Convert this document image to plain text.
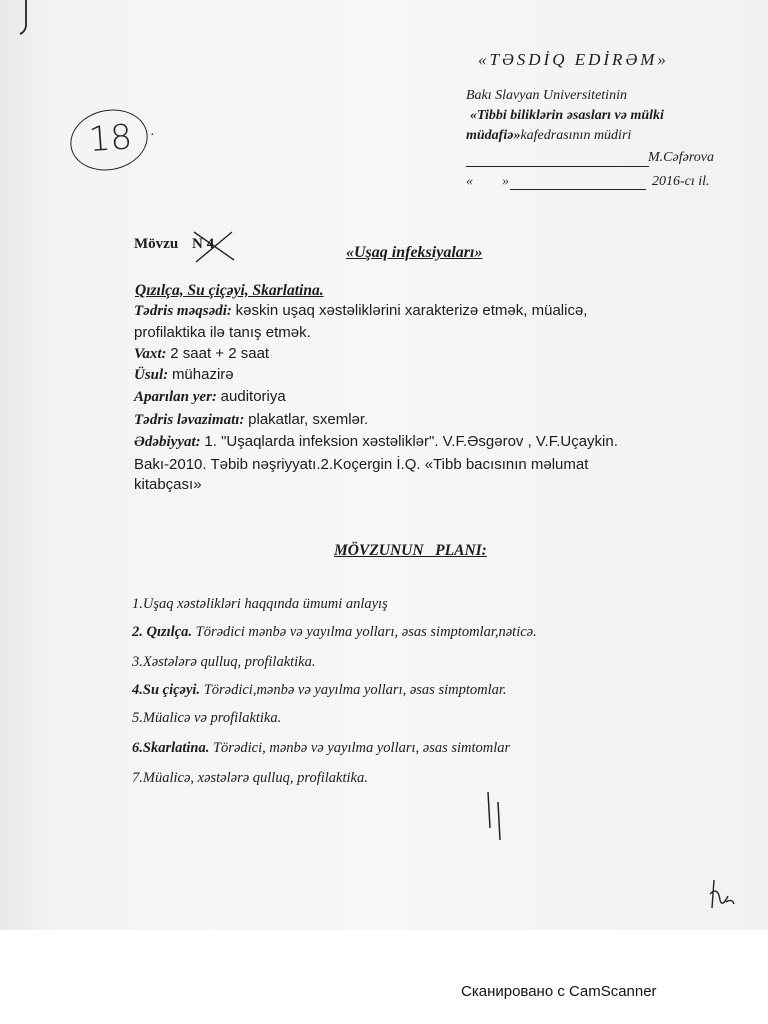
«TƏSDİQ EDİRƏM»
Bakı Slavyan Universitetinin
«Tibbi biliklərin əsasları və mülki
müdafiə»kafedrasının müdiri
M.Cəfərova
« »	2016-cı il.
18 ·
Mövzu N 4	«Uşaq infeksiyaları»
Qızılça, Su çiçəyi, Skarlatina.
Tədris məqsədi: kəskin uşaq xəstəliklərini xarakterizə etmək, müalicə,
profilaktika ilə tanış etmək.
Vaxt: 2 saat + 2 saat
Üsul: mühazirə
Aparılan yer: auditoriya
Tədris ləvazimatı: plakatlar, sxemlər.
Ədəbiyyat: 1. "Uşaqlarda infeksion xəstəliklər". V.F.Əsgərov , V.F.Uçaykin.
Bakı-2010. Təbib nəşriyyatı.2.Koçergin İ.Q. «Tibb bacısının məlumat
kitabçası»
MÖVZUNUN   PLANI:
1.Uşaq xəstəlikləri haqqında ümumi anlayış
2. Qızılça. Törədici mənbə və yayılma yolları, əsas simptomlar,nəticə.
3.Xəstələrə qulluq, profilaktika.
4.Su çiçəyi. Törədici,mənbə və yayılma yolları, əsas simptomlar.
5.Müalicə və profilaktika.
6.Skarlatina. Törədici, mənbə və yayılma yolları, əsas simtomlar
7.Müalicə, xəstələrə qulluq, profilaktika.
Сканировано с CamScanner
